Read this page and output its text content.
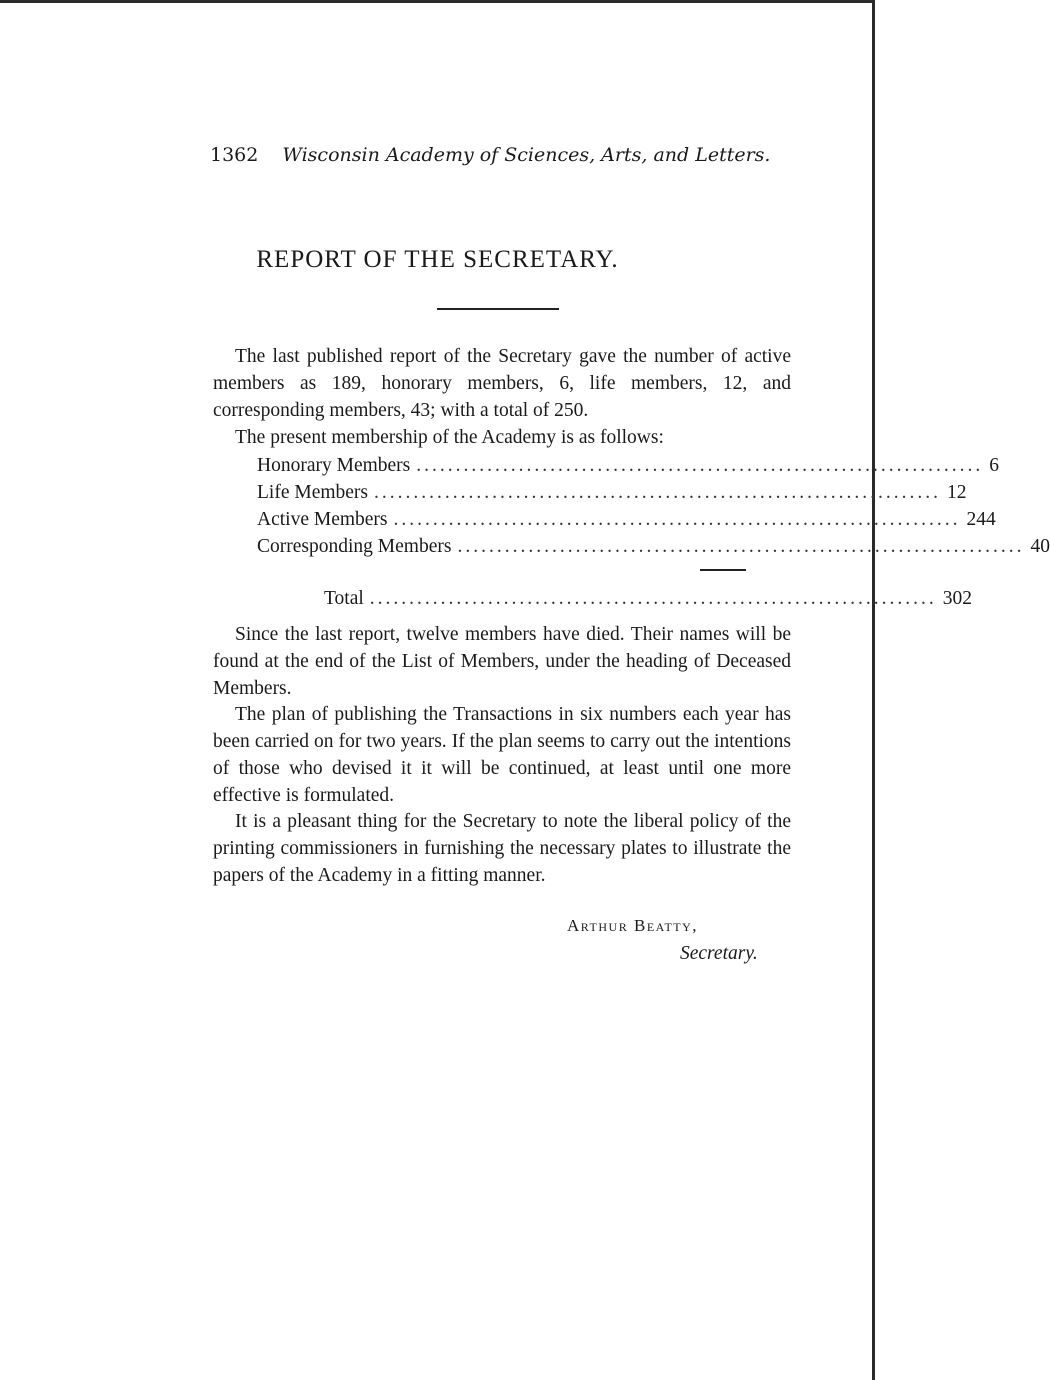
1362 Wisconsin Academy of Sciences, Arts, and Letters.
REPORT OF THE SECRETARY.
The last published report of the Secretary gave the number of active members as 189, honorary members, 6, life members, 12, and corresponding members, 43; with a total of 250.
The present membership of the Academy is as follows:
Honorary Members ........................................................................ 6
Life Members ........................................................................ 12
Active Members ........................................................................ 244
Corresponding Members ........................................................................ 40
Total ........................................................................ 302
Since the last report, twelve members have died. Their names will be found at the end of the List of Members, under the heading of Deceased Members.
The plan of publishing the Transactions in six numbers each year has been carried on for two years. If the plan seems to carry out the intentions of those who devised it it will be continued, at least until one more effective is formulated.
It is a pleasant thing for the Secretary to note the liberal policy of the printing commissioners in furnishing the necessary plates to illustrate the papers of the Academy in a fitting manner.
Arthur Beatty,
Secretary.
